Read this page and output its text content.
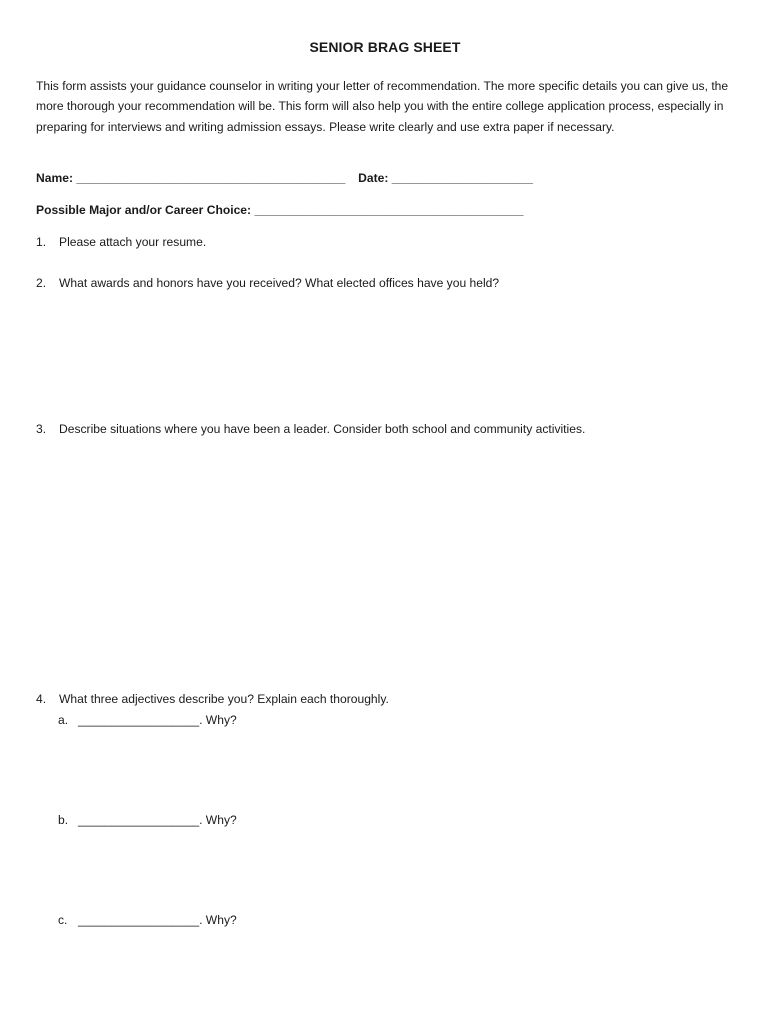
SENIOR BRAG SHEET

This form assists your guidance counselor in writing your letter of recommendation. The more specific details you can give us, the more thorough your recommendation will be. This form will also help you with the entire college application process, especially in preparing for interviews and writing admission essays. Please write clearly and use extra paper if necessary.

Name: ________________________________________ Date: _____________________
Possible Major and/or Career Choice: ________________________________________
1. Please attach your resume.
2. What awards and honors have you received? What elected offices have you held?
3. Describe situations where you have been a leader. Consider both school and community activities.
4. What three adjectives describe you? Explain each thoroughly.
a. __________________. Why?
b. __________________. Why?
c. __________________. Why?
